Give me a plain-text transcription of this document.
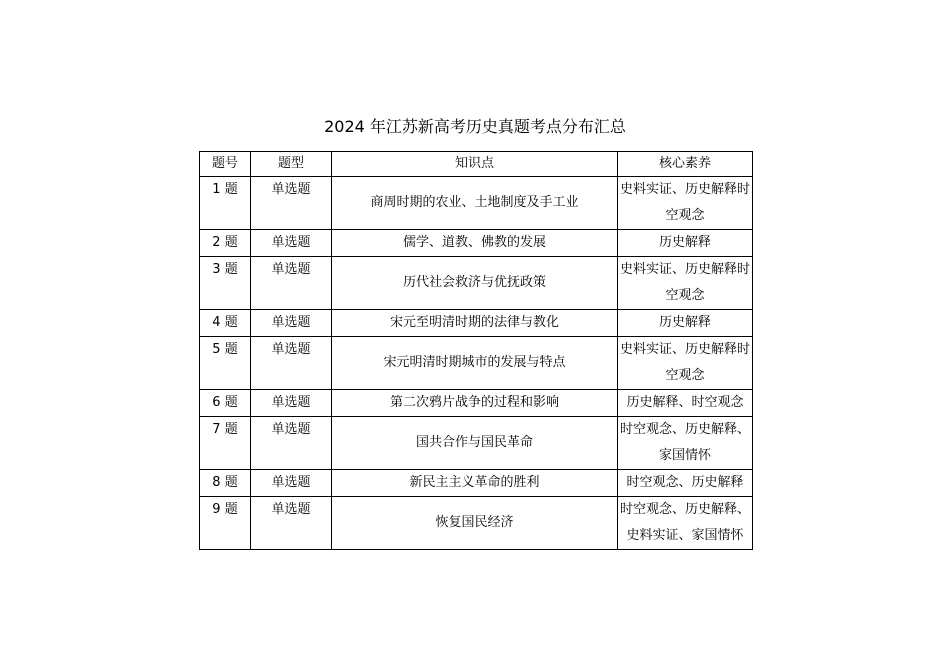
2024 年江苏新高考历史真题考点分布汇总
题号	题型	知识点	核心素养
1 题	单选题	商周时期的农业、土地制度及手工业	史料实证、历史解释时空观念
2 题	单选题	儒学、道教、佛教的发展	历史解释
3 题	单选题	历代社会救济与优抚政策	史料实证、历史解释时空观念
4 题	单选题	宋元至明清时期的法律与教化	历史解释
5 题	单选题	宋元明清时期城市的发展与特点	史料实证、历史解释时空观念
6 题	单选题	第二次鸦片战争的过程和影响	历史解释、时空观念
7 题	单选题	国共合作与国民革命	时空观念、历史解释、家国情怀
8 题	单选题	新民主主义革命的胜利	时空观念、历史解释
9 题	单选题	恢复国民经济	时空观念、历史解释、史料实证、家国情怀
